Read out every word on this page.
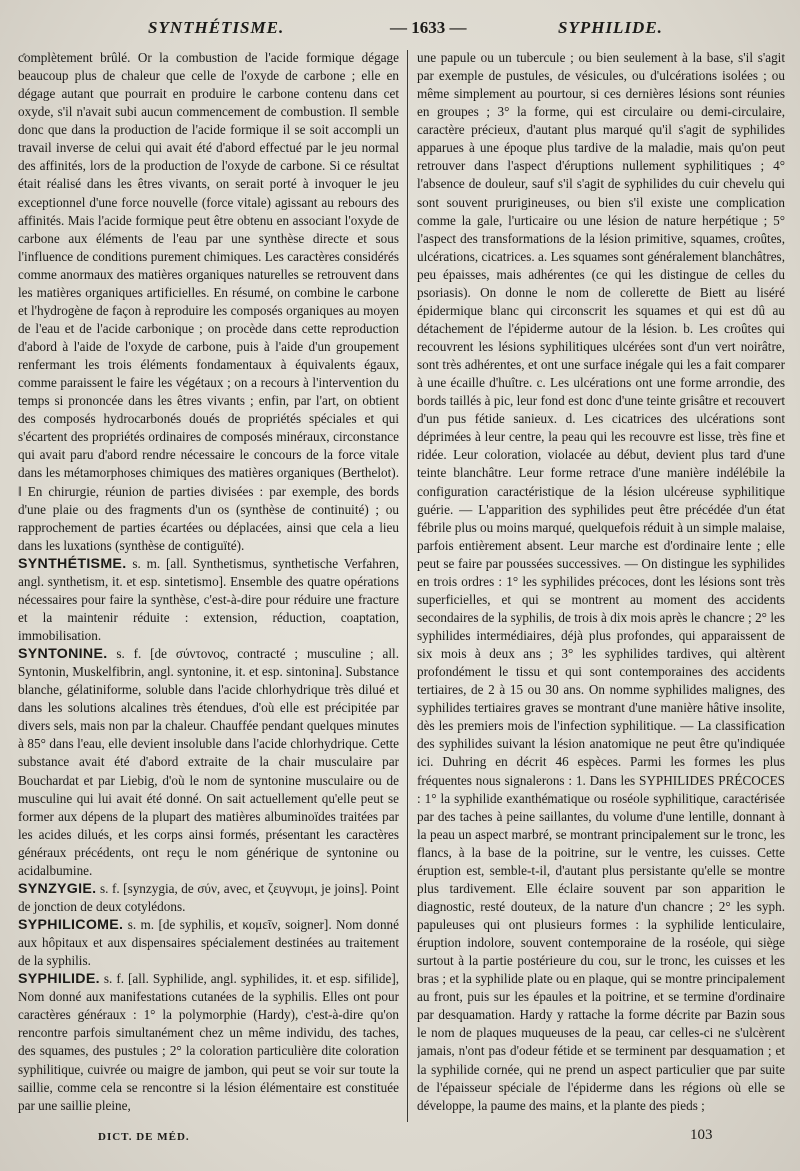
SYNTHÉTISME.	— 1633 —	SYPHILIDE.

ƈomplètement brûlé. Or la combustion de l'acide formique dégage beaucoup plus de chaleur que celle de l'oxyde de carbone ; elle en dégage autant que pourrait en produire le carbone contenu dans cet oxyde, s'il n'avait subi aucun commencement de combustion. Il semble donc que dans la production de l'acide formique il se soit accompli un travail inverse de celui qui avait été d'abord effectué par le jeu normal des affinités, lors de la production de l'oxyde de carbone. Si ce résultat était réalisé dans les êtres vivants, on serait porté à invoquer le jeu exceptionnel d'une force nouvelle (force vitale) agissant au rebours des affinités. Mais l'acide formique peut être obtenu en associant l'oxyde de carbone aux éléments de l'eau par une synthèse directe et sous l'influence de conditions purement chimiques. Les caractères considérés comme anormaux des matières organiques naturelles se retrouvent dans les matières organiques artificielles. En résumé, on combine le carbone et l'hydrogène de façon à reproduire les composés organiques au moyen de l'eau et de l'acide carbonique ; on procède dans cette reproduction d'abord à l'aide de l'oxyde de carbone, puis à l'aide d'un groupement renfermant les trois éléments fondamentaux à équivalents égaux, comme paraissent le faire les végétaux ; on a recours à l'intervention du temps si prononcée dans les êtres vivants ; enfin, par l'art, on obtient des composés hydrocarbonés doués de propriétés spéciales et qui s'écartent des propriétés ordinaires de composés minéraux, circonstance qui avait paru d'abord rendre nécessaire le concours de la force vitale dans les métamorphoses chimiques des matières organiques (Berthelot). ‖ En chirurgie, réunion de parties divisées : par exemple, des bords d'une plaie ou des fragments d'un os (synthèse de continuité) ; ou rapprochement de parties écartées ou déplacées, ainsi que cela a lieu dans les luxations (synthèse de contiguïté).

SYNTHÉTISME. s. m. [all. Synthetismus, synthetische Verfahren, angl. synthetism, it. et esp. sintetismo]. Ensemble des quatre opérations nécessaires pour faire la synthèse, c'est-à-dire pour réduire une fracture et la maintenir réduite : extension, réduction, coaptation, immobilisation.

SYNTONINE. s. f. [de σύντονος, contracté ; musculine ; all. Syntonin, Muskelfibrin, angl. syntonine, it. et esp. sintonina]. Substance blanche, gélatiniforme, soluble dans l'acide chlorhydrique très dilué et dans les solutions alcalines très étendues, d'où elle est précipitée par divers sels, mais non par la chaleur. Chauffée pendant quelques minutes à 85° dans l'eau, elle devient insoluble dans l'acide chlorhydrique. Cette substance avait été d'abord extraite de la chair musculaire par Bouchardat et par Liebig, d'où le nom de syntonine musculaire ou de musculine qui lui avait été donné. On sait actuellement qu'elle peut se former aux dépens de la plupart des matières albuminoïdes traitées par les acides dilués, et les corps ainsi formés, présentant les caractères généraux précédents, ont reçu le nom générique de syntonine ou acidalbumine.

SYNZYGIE. s. f. [synzygia, de σύν, avec, et ζευγνυμι, je joins]. Point de jonction de deux cotylédons.

SYPHILICOME. s. m. [de syphilis, et κομεῖν, soigner]. Nom donné aux hôpitaux et aux dispensaires spécialement destinées au traitement de la syphilis.

SYPHILIDE. s. f. [all. Syphilide, angl. syphilides, it. et esp. sifilide], Nom donné aux manifestations cutanées de la syphilis. Elles ont pour caractères généraux : 1° la polymorphie (Hardy), c'est-à-dire qu'on rencontre parfois simultanément chez un même individu, des taches, des squames, des pustules ; 2° la coloration particulière dite coloration syphilitique, cuivrée ou maigre de jambon, qui peut se voir sur toute la saillie, comme cela se rencontre si la lésion élémentaire est constituée par une saillie pleine,

une papule ou un tubercule ; ou bien seulement à la base, s'il s'agit par exemple de pustules, de vésicules, ou d'ulcérations isolées ; ou même simplement au pourtour, si ces dernières lésions sont réunies en groupes ; 3° la forme, qui est circulaire ou demi-circulaire, caractère précieux, d'autant plus marqué qu'il s'agit de syphilides apparues à une époque plus tardive de la maladie, mais qu'on peut retrouver dans l'aspect d'éruptions nullement syphilitiques ; 4° l'absence de douleur, sauf s'il s'agit de syphilides du cuir chevelu qui sont souvent prurigineuses, ou bien s'il existe une complication comme la gale, l'urticaire ou une lésion de nature herpétique ; 5° l'aspect des transformations de la lésion primitive, squames, croûtes, ulcérations, cicatrices. a. Les squames sont généralement blanchâtres, peu épaisses, mais adhérentes (ce qui les distingue de celles du psoriasis). On donne le nom de collerette de Biett au liséré épidermique blanc qui circonscrit les squames et qui est dû au détachement de l'épiderme autour de la lésion. b. Les croûtes qui recouvrent les lésions syphilitiques ulcérées sont d'un vert noirâtre, sont très adhérentes, et ont une surface inégale qui les a fait comparer à une écaille d'huître. c. Les ulcérations ont une forme arrondie, des bords taillés à pic, leur fond est donc d'une teinte grisâtre et recouvert d'un pus fétide sanieux. d. Les cicatrices des ulcérations sont déprimées à leur centre, la peau qui les recouvre est lisse, très fine et ridée. Leur coloration, violacée au début, devient plus tard d'une teinte blanchâtre. Leur forme retrace d'une manière indélébile la configuration caractéristique de la lésion ulcéreuse syphilitique guérie. — L'apparition des syphilides peut être précédée d'un état fébrile plus ou moins marqué, quelquefois réduit à un simple malaise, parfois entièrement absent. Leur marche est d'ordinaire lente ; elle peut se faire par poussées successives. — On distingue les syphilides en trois ordres : 1° les syphilides précoces, dont les lésions sont très superficielles, et qui se montrent au moment des accidents secondaires de la syphilis, de trois à dix mois après le chancre ; 2° les syphilides intermédiaires, déjà plus profondes, qui apparaissent de six mois à deux ans ; 3° les syphilides tardives, qui altèrent profondément le tissu et qui sont contemporaines des accidents tertiaires, de 2 à 15 ou 30 ans. On nomme syphilides malignes, des syphilides tertiaires graves se montrant d'une manière hâtive insolite, dès les premiers mois de l'infection syphilitique. — La classification des syphilides suivant la lésion anatomique ne peut être qu'indiquée ici. Duhring en décrit 46 espèces. Parmi les formes les plus fréquentes nous signalerons : 1. Dans les SYPHILIDES PRÉCOCES : 1° la syphilide exanthématique ou roséole syphilitique, caractérisée par des taches à peine saillantes, du volume d'une lentille, donnant à la peau un aspect marbré, se montrant principalement sur le tronc, les flancs, à la base de la poitrine, sur le ventre, les cuisses. Cette éruption est, semble-t-il, d'autant plus persistante qu'elle se montre plus tardivement. Elle éclaire souvent par son apparition le diagnostic, resté douteux, de la nature d'un chancre ; 2° les syph. papuleuses qui ont plusieurs formes : la syphilide lenticulaire, éruption indolore, souvent contemporaine de la roséole, qui siège surtout à la partie postérieure du cou, sur le tronc, les cuisses et les bras ; et la syphilide plate ou en plaque, qui se montre principalement au front, puis sur les épaules et la poitrine, et se termine d'ordinaire par desquamation. Hardy y rattache la forme décrite par Bazin sous le nom de plaques muqueuses de la peau, car celles-ci ne s'ulcèrent jamais, n'ont pas d'odeur fétide et se terminent par desquamation ; et la syphilide cornée, qui ne prend un aspect particulier que par suite de l'épaisseur spéciale de l'épiderme dans les régions où elle se développe, la paume des mains, et la plante des pieds ;

DICT. DE MÉD.	103
